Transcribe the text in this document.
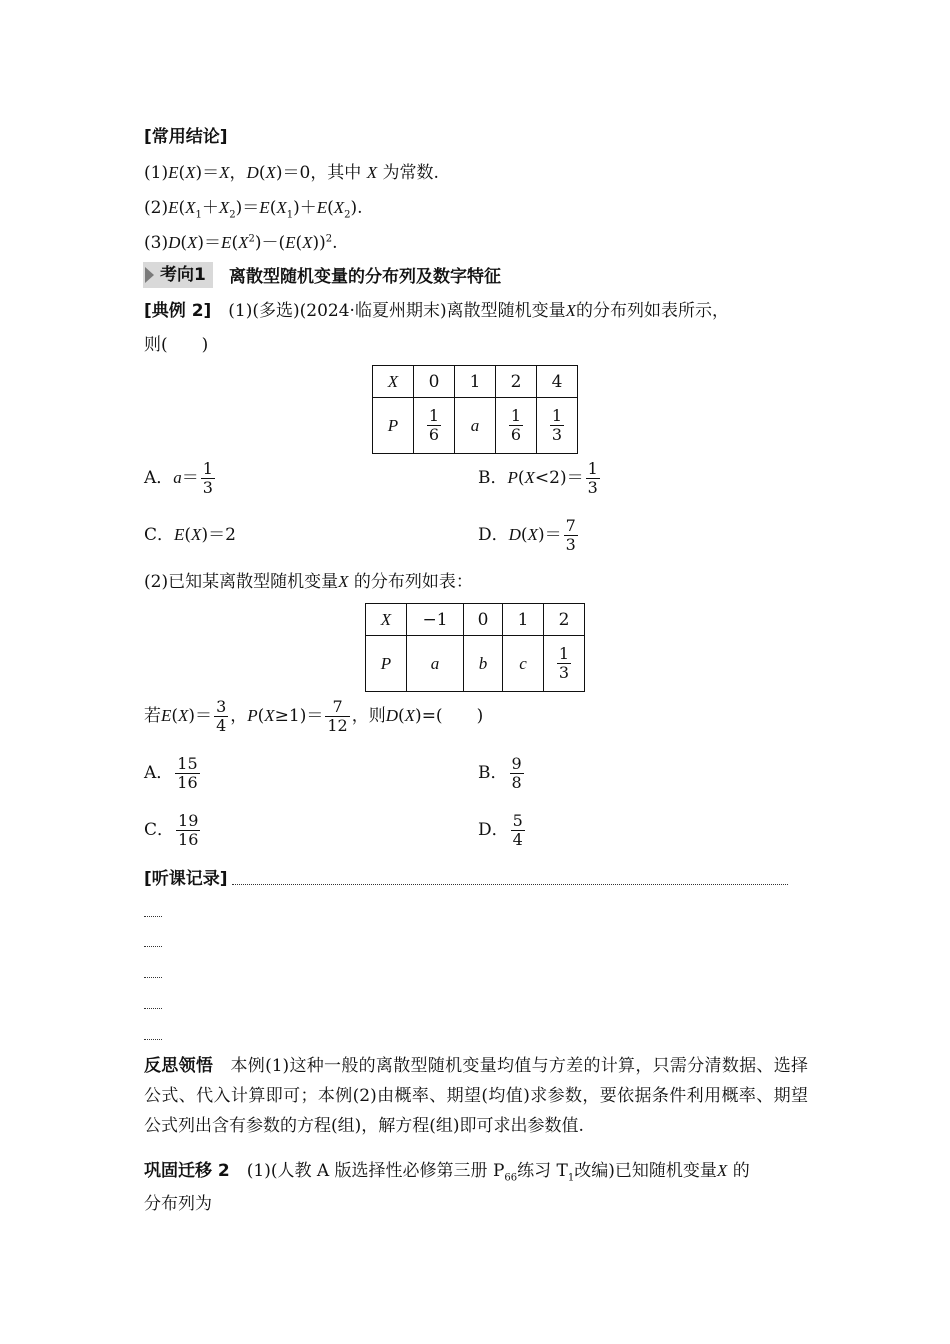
[常用结论]
(1)E(X)＝X，D(X)＝0，其中 X 为常数.
$(2)E(X_1+X_2)=E(X_1)+E(X_2)$.
$(3)D(X)=E(X^2)-(E(X))^2$.
考向1 离散型随机变量的分布列及数字特征
[典例 2]　 (1)(多选)(2024·临夏州期末)离散型随机变量X的分布列如表所示，
则(　　)
X	0	1	2	4
P	$\frac{1}{6}$	a	$\frac{1}{6}$	$\frac{1}{3}$
A．$a= \frac{1}{3}$	B．$P(X<2)= \frac{1}{3}$
C．E(X)＝2	D．$D(X)= \frac{7}{3}$
(2)已知某离散型随机变量X 的分布列如表：
X	−1	0	1	2
P	a	b	c	$\frac{1}{3}$
若$E(X)= \frac{3}{4}$ ，$P(X\ge 1)= \frac{7}{12}$ ，则D(X)=(　　)
A． $\frac{15}{16}$	B． $\frac{9}{8}$
C． $\frac{19}{16}$	D． $\frac{5}{4}$
[听课记录]
反思领悟　 本例(1)这种一般的离散型随机变量均值与方差的计算，只需分清数据、选择公式、代入计算即可；本例(2)由概率、期望(均值)求参数，要依据条件利用概率、期望公式列出含有参数的方程(组)，解方程(组)即可求出参数值.
巩固迁移 2　 (1)(人教 A 版选择性必修第三册 $P_{66}$练习 $T_1$改编)已知随机变量X 的
分布列为
